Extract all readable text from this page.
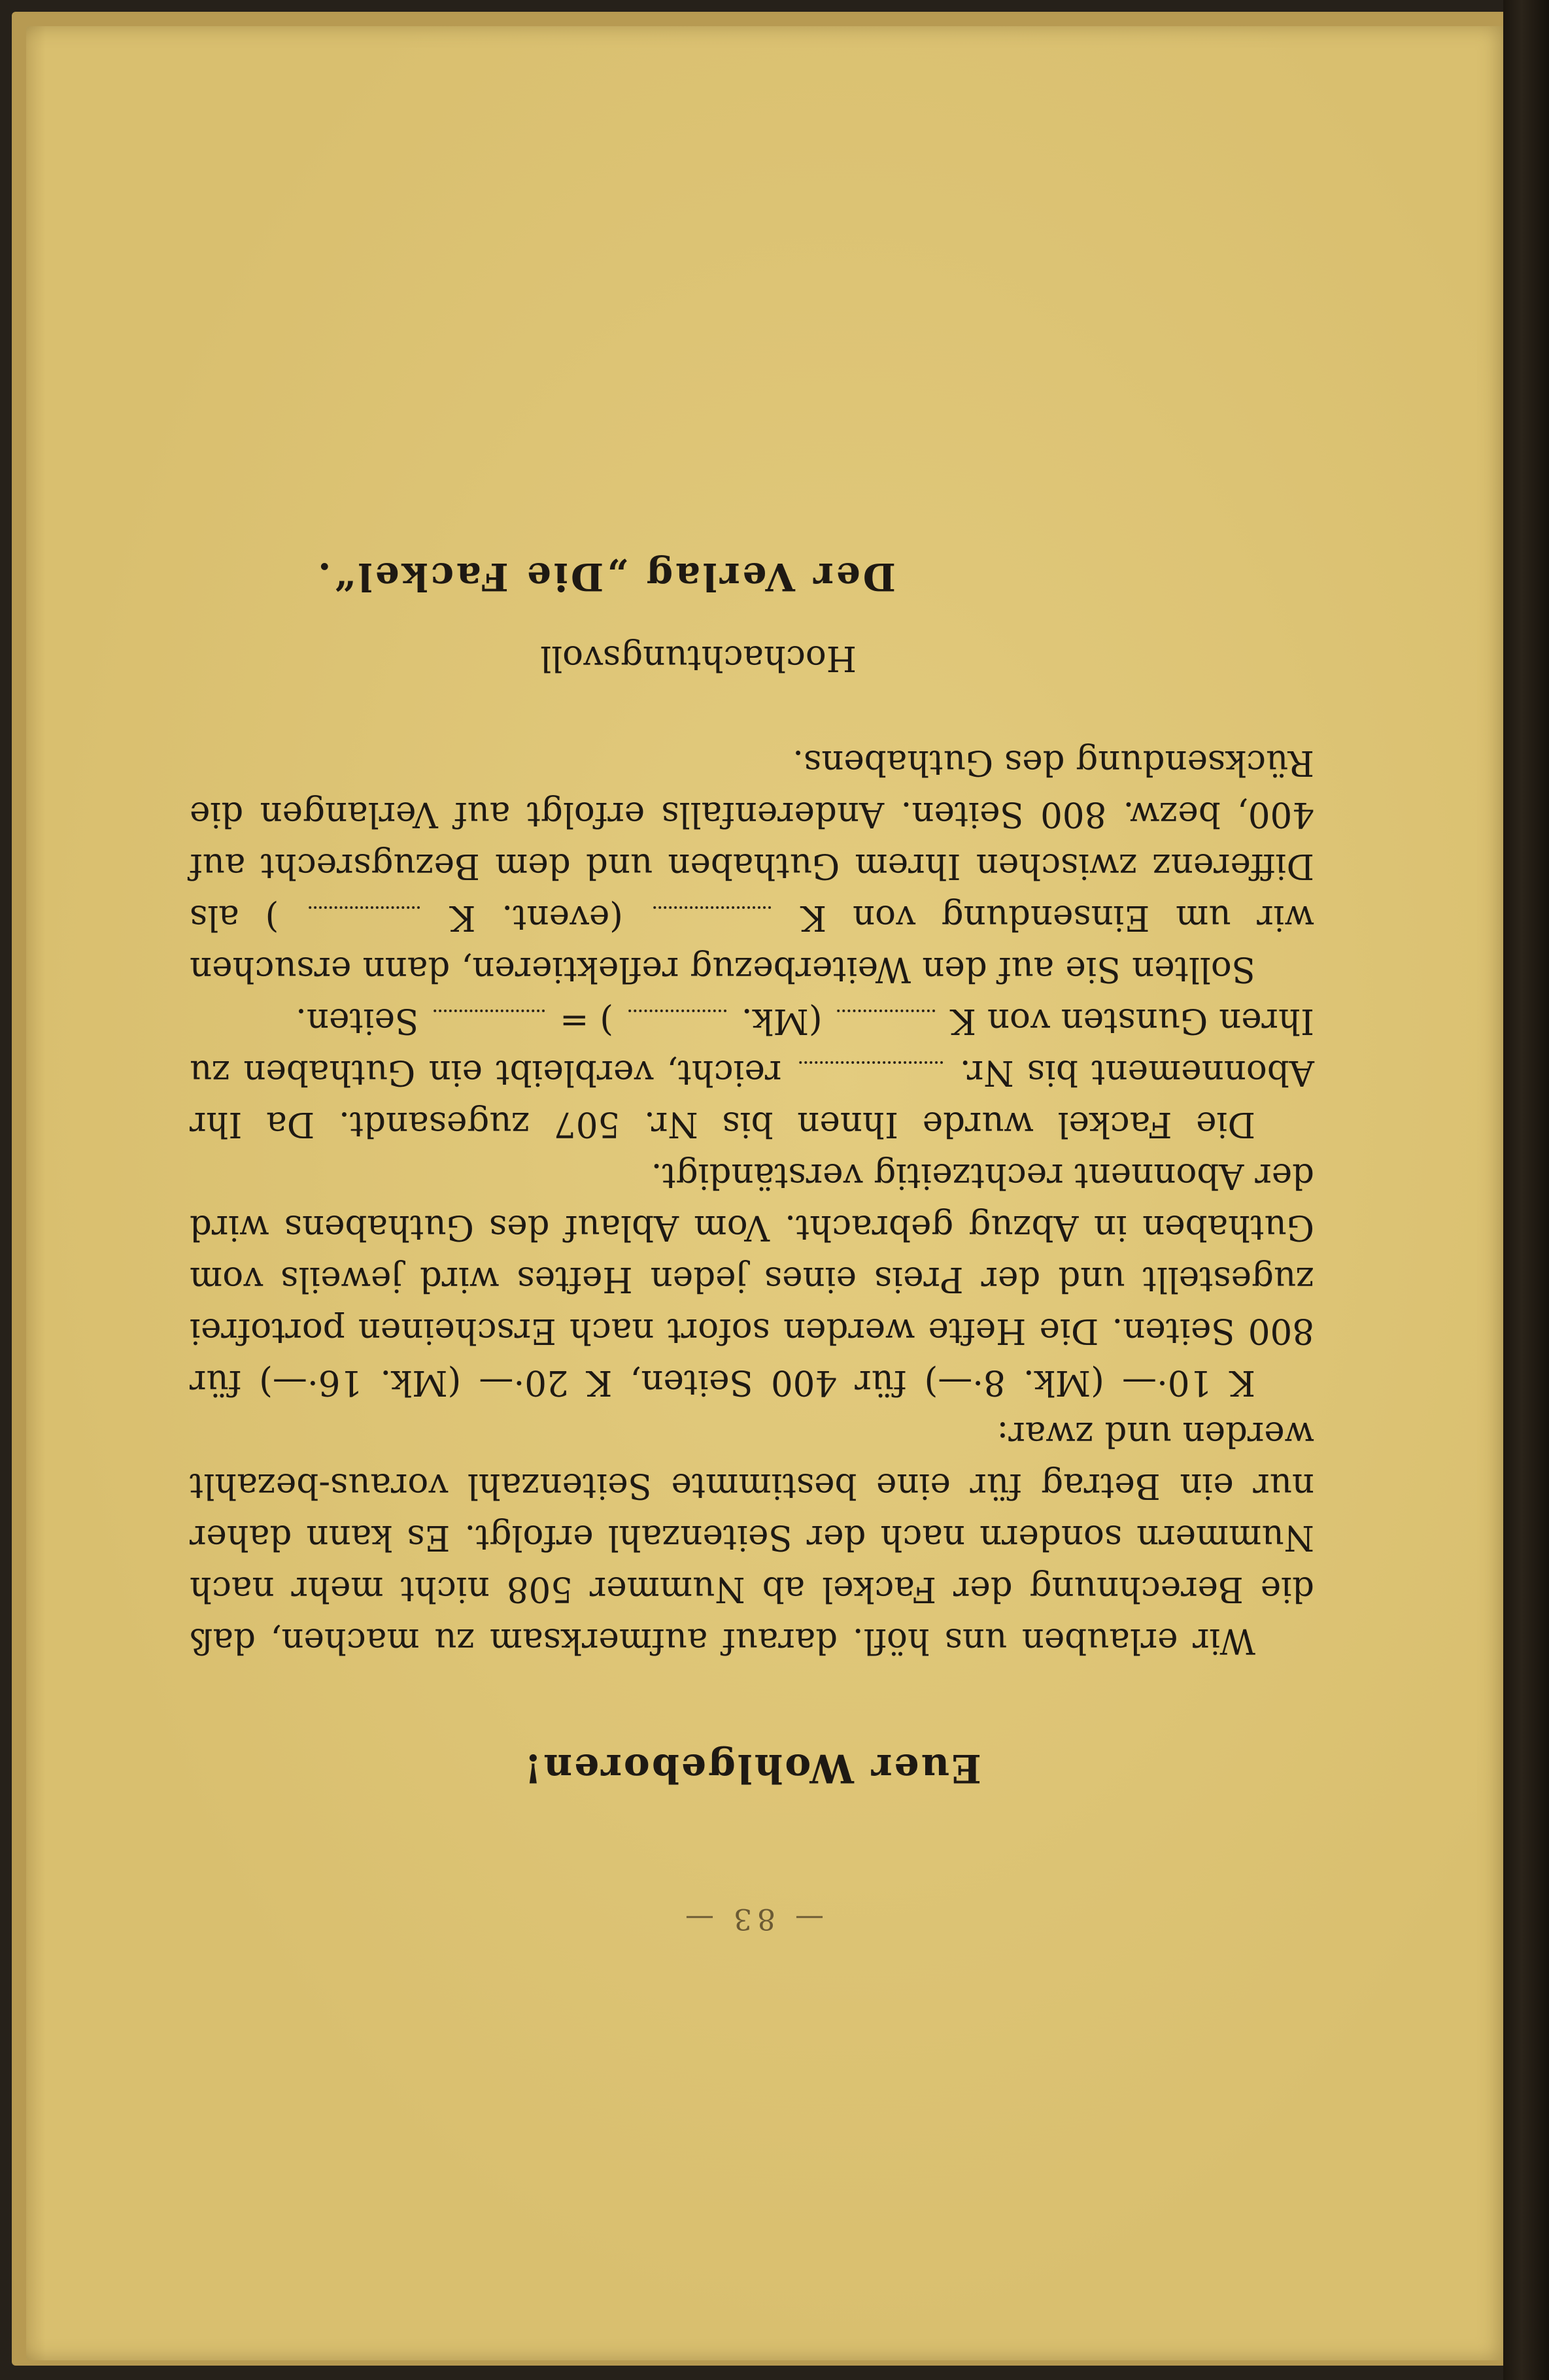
— 83 —
Euer Wohlgeboren!

Wir erlauben uns höfl. darauf aufmerksam zu machen, daß die Berechnung der Fackel ab Nummer 508 nicht mehr nach Nummern sondern nach der Seitenzahl erfolgt. Es kann daher nur ein Betrag für eine bestimmte Seitenzahl voraus-bezahlt werden und zwar:

K 10·— (Mk. 8·—) für 400 Seiten, K 20·— (Mk. 16·—) für 800 Seiten. Die Hefte werden sofort nach Erscheinen portofrei zugestellt und der Preis eines jeden Heftes wird jeweils vom Guthaben in Abzug gebracht. Vom Ablauf des Guthabens wird der Abonnent rechtzeitig verständigt.

Die Fackel wurde Ihnen bis Nr. 507 zugesandt. Da Ihr Abonnement bis Nr.  reicht, verbleibt ein Guthaben zu Ihren Gunsten von K  (Mk.  ) =  Seiten.

Sollten Sie auf den Weiterbezug reflektieren, dann ersuchen wir um Einsendung von K  (event. K  ) als Differenz zwischen Ihrem Guthaben und dem Bezugsrecht auf 400, bezw. 800 Seiten. Anderenfalls erfolgt auf Verlangen die Rücksendung des Guthabens.

Hochachtungsvoll
Der Verlag „Die Fackel“.
